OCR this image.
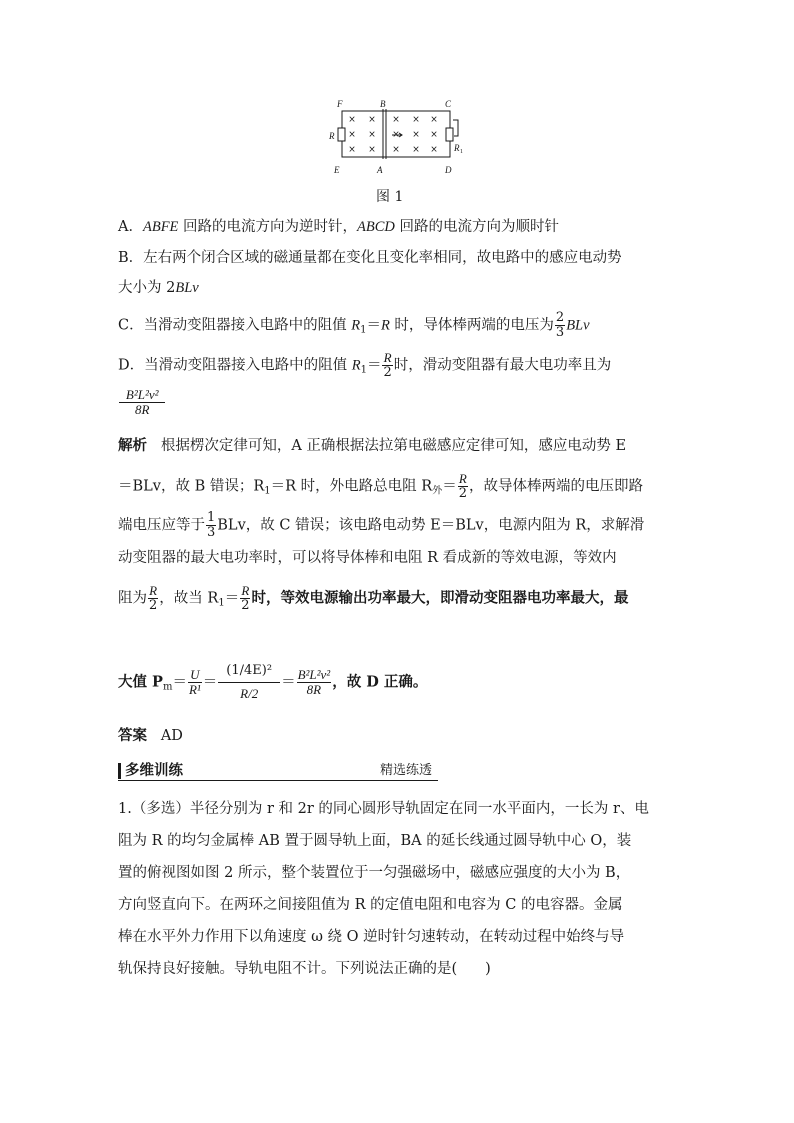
× ×
× ×
× ×
× × ×
× × ×
× × ×
F	B	C
E	A	D
R
R 1
图 1
A．ABFE 回路的电流方向为逆时针，ABCD 回路的电流方向为顺时针
B．左右两个闭合区域的磁通量都在变化且变化率相同，故电路中的感应电动势
大小为 2BLv
C．当滑动变阻器接入电路中的阻值 $R_1=R$ 时，导体棒两端的电压为 $\frac{2}{3}$ BLv
D．当滑动变阻器接入电路中的阻值 $R_1= \frac{R}{2}$ 时，滑动变阻器有最大电功率且为
$\frac{\text{B²L²v²}}{8R}$
解析 根据楞次定律可知，A 正确根据法拉第电磁感应定律可知，感应电动势 E
＝BLv，故 B 错误；$R_1=R$ 时，外电路总电阻 $R_外= \frac{R}{2}$ ，故导体棒两端的电压即路
端电压应等于 $\frac{1}{3}$ BLv，故 C 错误；该电路电动势 E＝BLv，电源内阻为 R，求解滑
动变阻器的最大电功率时，可以将导体棒和电阻 R 看成新的等效电源，等效内
阻为 $\frac{R}{2}$ ，故当 $R_1= \frac{R}{2}$ 时，等效电源输出功率最大，即滑动变阻器电功率最大，最
大值 $P_m= \frac{U}{\text{R¹}} = \frac{\text{(1/4E)²}}{R/2} = \frac{\text{B²L²v²}}{8R}$ ，故 D 正确。
答案 AD
多维训练	精选练透
1.（多选）半径分别为 r 和 2r 的同心圆形导轨固定在同一水平面内，一长为 r、电
阻为 R 的均匀金属棒 AB 置于圆导轨上面，BA 的延长线通过圆导轨中心 O，装
置的俯视图如图 2 所示，整个装置位于一匀强磁场中，磁感应强度的大小为 B，
方向竖直向下。在两环之间接阻值为 R 的定值电阻和电容为 C 的电容器。金属
棒在水平外力作用下以角速度 ω 绕 O 逆时针匀速转动，在转动过程中始终与导
轨保持良好接触。导轨电阻不计。下列说法正确的是( )
